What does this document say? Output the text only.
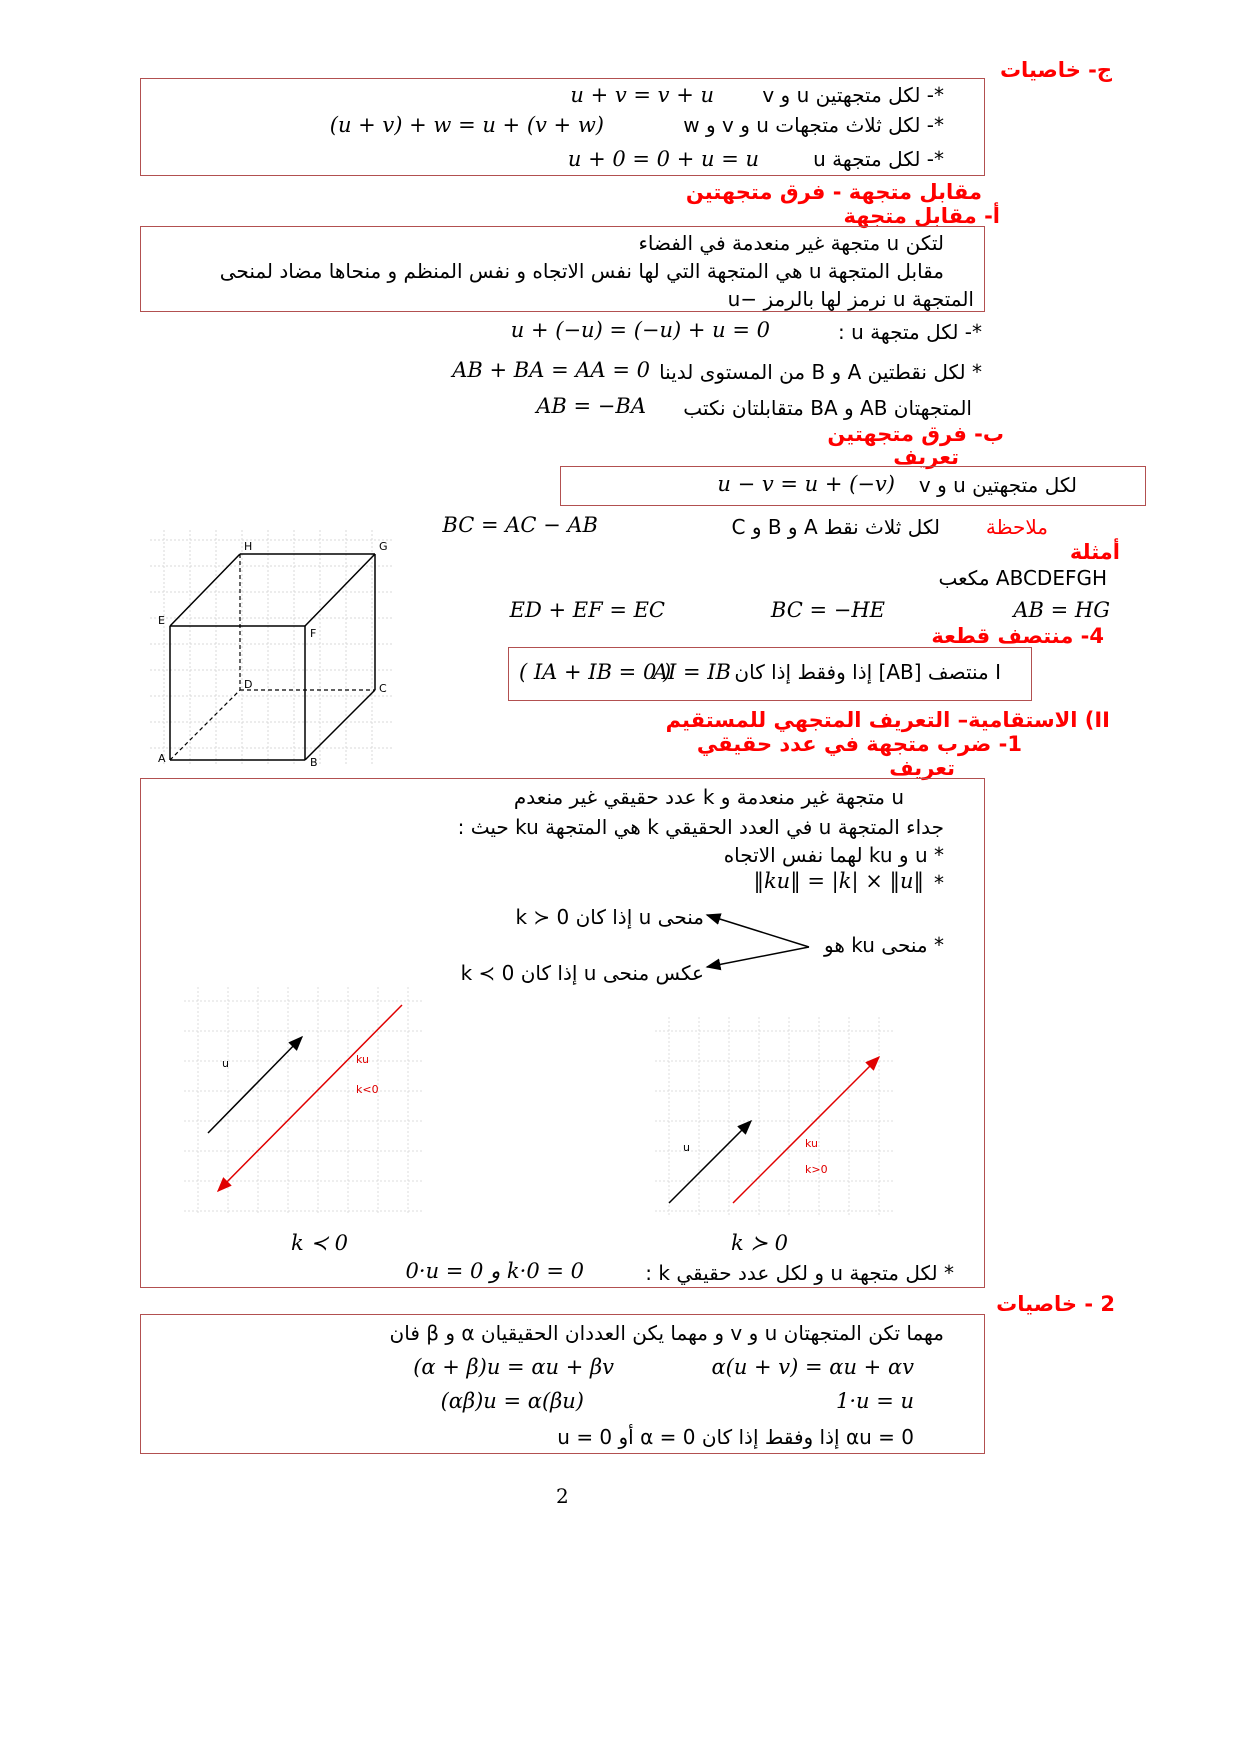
ج- خاصيات
*- لكل متجهتين u و v
u + v = v + u
*- لكل ثلاث متجهات u و v و w
(u + v) + w = u + (v + w)
*- لكل متجهة u
u + 0 = 0 + u = u
مقابل متجهة - فرق متجهتين
أ- مقابل متجهة
لتكن u متجهة غير منعدمة في الفضاء
مقابل المتجهة u هي المتجهة التي لها نفس الاتجاه و نفس المنظم و منحاها مضاد لمنحى
المتجهة u نرمز لها بالرمز −u
*- لكل متجهة u :
u + (−u) = (−u) + u = 0
* لكل نقطتين A و B من المستوى لدينا
AB + BA = AA = 0
المتجهتان AB و BA متقابلتان نكتب
AB = −BA
ب- فرق متجهتين
تعريف
لكل متجهتين u و v
u − v = u + (−v)
H	G
E
F
D	C
A	B
ملاحظة
لكل ثلاث نقط A و B و C
BC = AC − AB
أمثلة
ABCDEFGH مكعب
AB = HG
BC = −HE
ED + EF = EC
4- منتصف قطعة
I منتصف [AB] إذا وفقط إذا كان
AI = IB
( IA + IB = 0 )
II) الاستقامية– التعريف المتجهي للمستقيم
1- ضرب متجهة في عدد حقيقي
تعريف
u متجهة غير منعدمة و k عدد حقيقي غير منعدم
جداء المتجهة u في العدد الحقيقي k هي المتجهة ku حيث :
* u و ku لهما نفس الاتجاه
*
‖ku‖ = |k| × ‖u‖
منحى u إذا كان k ≻ 0
عكس منحى u إذا كان k ≺ 0
* منحى ku هو
u	ku
k<0
u	ku
k>0
k ≺ 0	k ≻ 0
* لكل متجهة u و لكل عدد حقيقي k :
0·u = 0 و k·0 = 0
2 - خاصيات
مهما تكن المتجهتان u و v و مهما يكن العددان الحقيقيان α و β فان
α(u + v) = αu + αv
(α + β)u = αu + βv
1·u = u
(αβ)u = α(βu)
αu = 0 إذا وفقط إذا كان α = 0 أو u = 0
2
